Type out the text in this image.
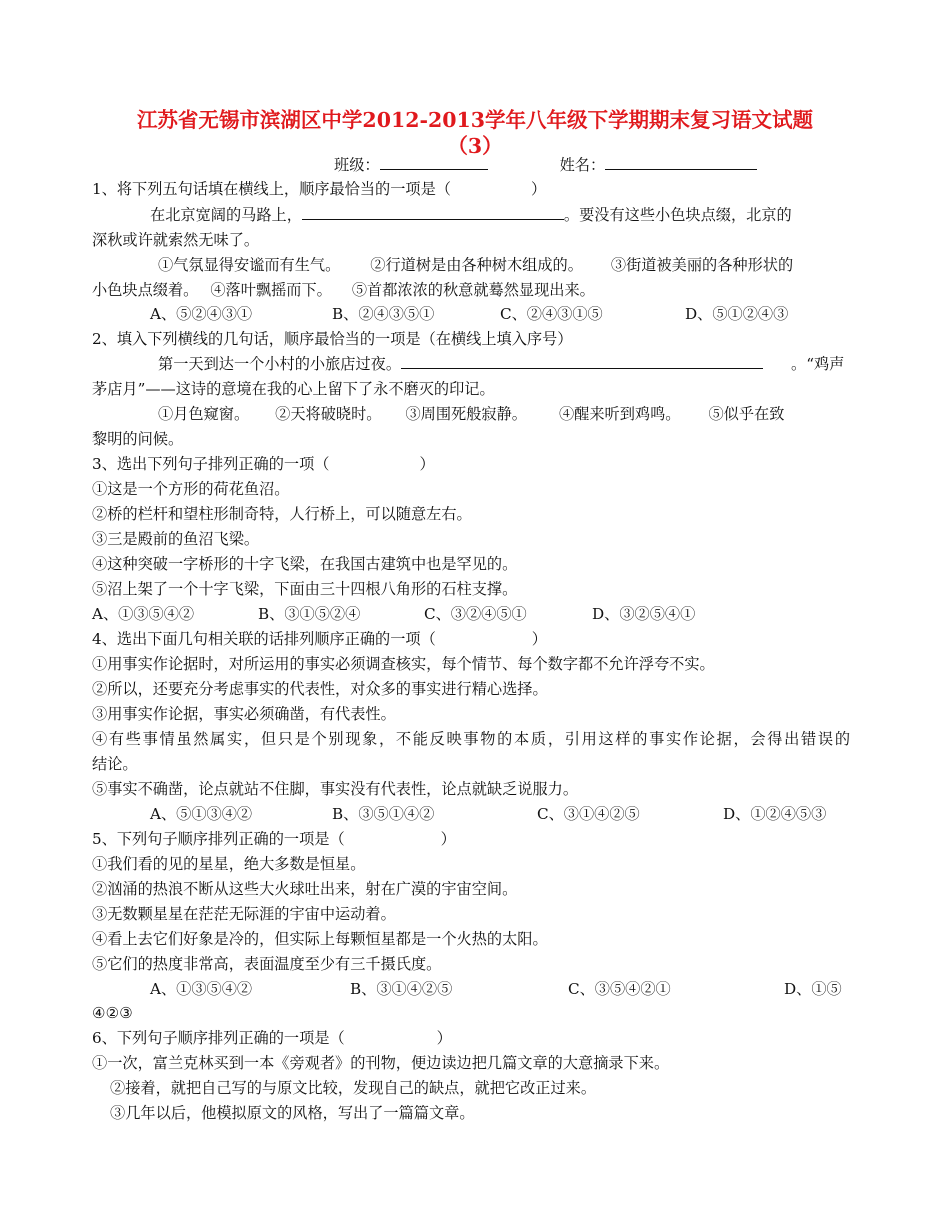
江苏省无锡市滨湖区中学2012-2013学年八年级下学期期末复习语文试题
（3）
班级：	姓名：
1、将下列五句话填在横线上，顺序最恰当的一项是（	）
在北京宽阔的马路上，	。要没有这些小色块点缀，北京的
深秋或许就索然无味了。
①气氛显得安谧而有生气。 ②行道树是由各种树木组成的。 ③街道被美丽的各种形状的
小色块点缀着。 ④落叶飘摇而下。 ⑤首都浓浓的秋意就蓦然显现出来。
A、⑤②④③①	B、②④③⑤①	C、②④③①⑤	D、⑤①②④③
2、填入下列横线的几句话，顺序最恰当的一项是（在横线上填入序号）
第一天到达一个小村的小旅店过夜。	。“鸡声
茅店月”——这诗的意境在我的心上留下了永不磨灭的印记。
①月色窥窗。 ②天将破晓时。 ③周围死般寂静。 ④醒来听到鸡鸣。 ⑤似乎在致
黎明的问候。
3、选出下列句子排列正确的一项（	）
①这是一个方形的荷花鱼沼。
②桥的栏杆和望柱形制奇特，人行桥上，可以随意左右。
③三是殿前的鱼沼飞梁。
④这种突破一字桥形的十字飞梁，在我国古建筑中也是罕见的。
⑤沼上架了一个十字飞梁，下面由三十四根八角形的石柱支撑。
A、①③⑤④②	B、③①⑤②④	C、③②④⑤①	D、③②⑤④①
4、选出下面几句相关联的话排列顺序正确的一项（	）
①用事实作论据时，对所运用的事实必须调查核实，每个情节、每个数字都不允许浮夸不实。
②所以，还要充分考虑事实的代表性，对众多的事实进行精心选择。
③用事实作论据，事实必须确凿，有代表性。
④有些事情虽然属实，但只是个别现象，不能反映事物的本质，引用这样的事实作论据，会得出错误的
结论。
⑤事实不确凿，论点就站不住脚，事实没有代表性，论点就缺乏说服力。
A、⑤①③④②	B、③⑤①④②	C、③①④②⑤	D、①②④⑤③
5、下列句子顺序排列正确的一项是（	）
①我们看的见的星星，绝大多数是恒星。
②汹涌的热浪不断从这些大火球吐出来，射在广漠的宇宙空间。
③无数颗星星在茫茫无际涯的宇宙中运动着。
④看上去它们好象是冷的，但实际上每颗恒星都是一个火热的太阳。
⑤它们的热度非常高，表面温度至少有三千摄氏度。
A、①③⑤④②	B、③①④②⑤	C、③⑤④②①	D、①⑤
④②③
6、下列句子顺序排列正确的一项是（	）
①一次，富兰克林买到一本《旁观者》的刊物，便边读边把几篇文章的大意摘录下来。
②接着，就把自己写的与原文比较，发现自己的缺点，就把它改正过来。
③几年以后，他模拟原文的风格，写出了一篇篇文章。
